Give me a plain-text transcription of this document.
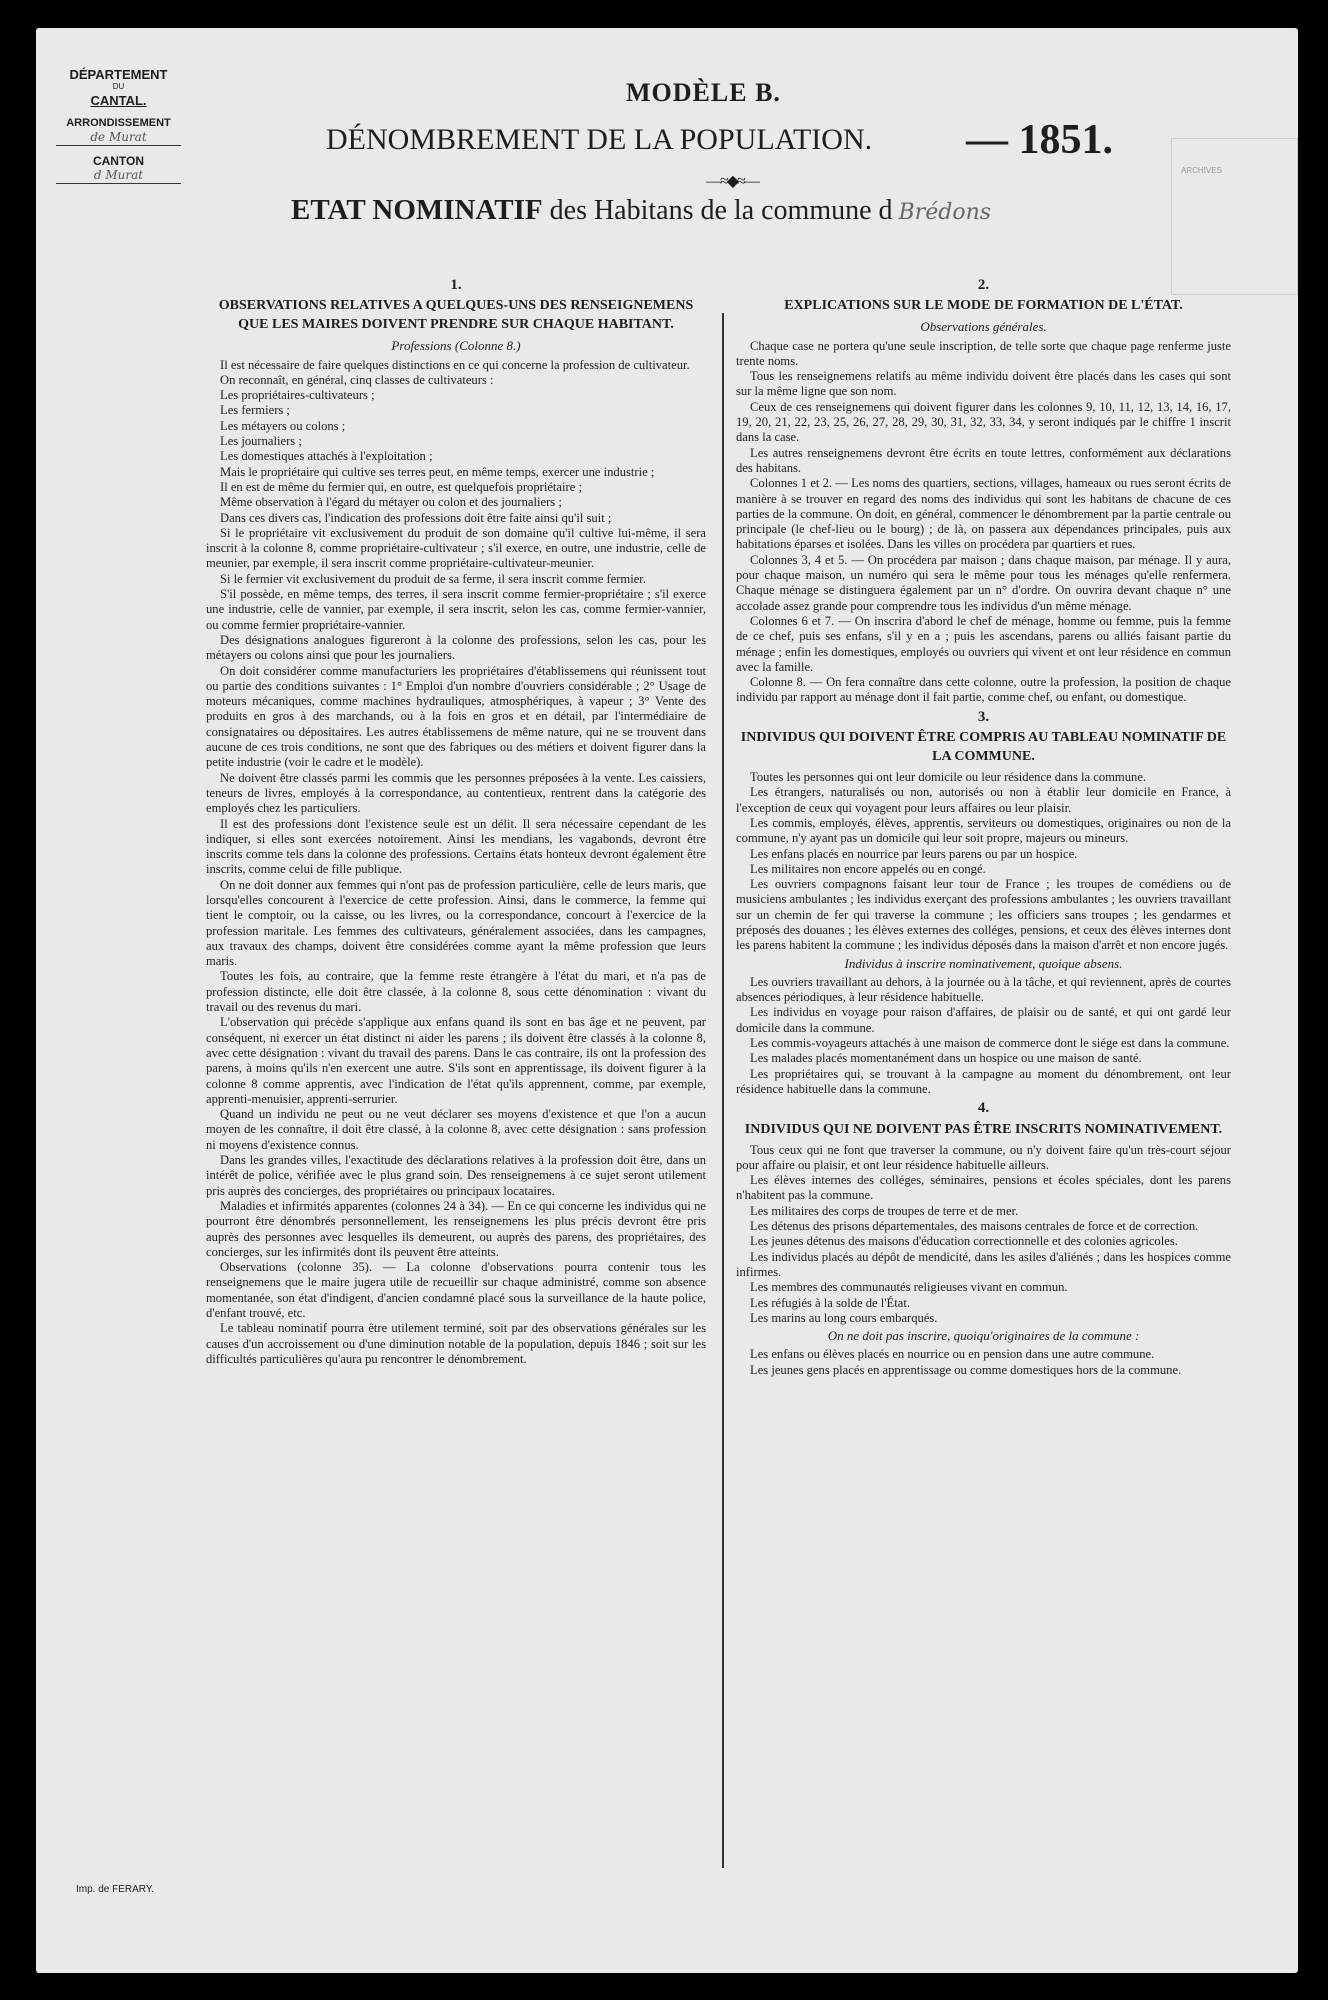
DÉPARTEMENT
DU
CANTAL.
ARRONDISSEMENT
de Murat
CANTON
d Murat	ARCHIVES
MODÈLE B.
DÉNOMBREMENT DE LA POPULATION. — 1851.
—≈◆≈—
ETAT NOMINATIF des Habitans de la commune d Brédons
1.
OBSERVATIONS RELATIVES A QUELQUES-UNS DES RENSEIGNEMENS QUE LES MAIRES DOIVENT PRENDRE SUR CHAQUE HABITANT.
Professions (Colonne 8.)

Il est nécessaire de faire quelques distinctions en ce qui concerne la profession de cultivateur.

On reconnaît, en général, cinq classes de cultivateurs :

Les propriétaires-cultivateurs ;

Les fermiers ;

Les métayers ou colons ;

Les journaliers ;

Les domestiques attachés à l'exploitation ;

Mais le propriétaire qui cultive ses terres peut, en même temps, exercer une industrie ;

Il en est de même du fermier qui, en outre, est quelquefois propriétaire ;

Même observation à l'égard du métayer ou colon et des journaliers ;

Dans ces divers cas, l'indication des professions doit être faite ainsi qu'il suit ;

Si le propriétaire vit exclusivement du produit de son domaine qu'il cultive lui-même, il sera inscrit à la colonne 8, comme propriétaire-cultivateur ; s'il exerce, en outre, une industrie, celle de meunier, par exemple, il sera inscrit comme propriétaire-cultivateur-meunier.

Si le fermier vit exclusivement du produit de sa ferme, il sera inscrit comme fermier.

S'il possède, en même temps, des terres, il sera inscrit comme fermier-propriétaire ; s'il exerce une industrie, celle de vannier, par exemple, il sera inscrit, selon les cas, comme fermier-vannier, ou comme fermier propriétaire-vannier.

Des désignations analogues figureront à la colonne des professions, selon les cas, pour les métayers ou colons ainsi que pour les journaliers.

On doit considérer comme manufacturiers les propriétaires d'établissemens qui réunissent tout ou partie des conditions suivantes : 1° Emploi d'un nombre d'ouvriers considérable ; 2° Usage de moteurs mécaniques, comme machines hydrauliques, atmosphériques, à vapeur ; 3° Vente des produits en gros à des marchands, ou à la fois en gros et en détail, par l'intermédiaire de consignataires ou dépositaires. Les autres établissemens de même nature, qui ne se trouvent dans aucune de ces trois conditions, ne sont que des fabriques ou des métiers et doivent figurer dans la petite industrie (voir le cadre et le modèle).

Ne doivent être classés parmi les commis que les personnes préposées à la vente. Les caissiers, teneurs de livres, employés à la correspondance, au contentieux, rentrent dans la catégorie des employés chez les particuliers.

Il est des professions dont l'existence seule est un délit. Il sera nécessaire cependant de les indiquer, si elles sont exercées notoirement. Ainsi les mendians, les vagabonds, devront être inscrits comme tels dans la colonne des professions. Certains états honteux devront également être inscrits, comme celui de fille publique.

On ne doit donner aux femmes qui n'ont pas de profession particulière, celle de leurs maris, que lorsqu'elles concourent à l'exercice de cette profession. Ainsi, dans le commerce, la femme qui tient le comptoir, ou la caisse, ou les livres, ou la correspondance, concourt à l'exercice de la profession maritale. Les femmes des cultivateurs, généralement associées, dans les campagnes, aux travaux des champs, doivent être considérées comme ayant la même profession que leurs maris.

Toutes les fois, au contraire, que la femme reste étrangère à l'état du mari, et n'a pas de profession distincte, elle doit être classée, à la colonne 8, sous cette dénomination : vivant du travail ou des revenus du mari.

L'observation qui précède s'applique aux enfans quand ils sont en bas âge et ne peuvent, par conséquent, ni exercer un état distinct ni aider les parens ; ils doivent être classés à la colonne 8, avec cette désignation : vivant du travail des parens. Dans le cas contraire, ils ont la profession des parens, à moins qu'ils n'en exercent une autre. S'ils sont en apprentissage, ils doivent figurer à la colonne 8 comme apprentis, avec l'indication de l'état qu'ils apprennent, comme, par exemple, apprenti-menuisier, apprenti-serrurier.

Quand un individu ne peut ou ne veut déclarer ses moyens d'existence et que l'on a aucun moyen de les connaître, il doit être classé, à la colonne 8, avec cette désignation : sans profession ni moyens d'existence connus.

Dans les grandes villes, l'exactitude des déclarations relatives à la profession doit être, dans un intérêt de police, vérifiée avec le plus grand soin. Des renseignemens à ce sujet seront utilement pris auprès des concierges, des propriétaires ou principaux locataires.

Maladies et infirmités apparentes (colonnes 24 à 34). — En ce qui concerne les individus qui ne pourront être dénombrés personnellement, les renseignemens les plus précis devront être pris auprès des personnes avec lesquelles ils demeurent, ou auprès des parens, des propriétaires, des concierges, sur les infirmités dont ils peuvent être atteints.

Observations (colonne 35). — La colonne d'observations pourra contenir tous les renseignemens que le maire jugera utile de recueillir sur chaque administré, comme son absence momentanée, son état d'indigent, d'ancien condamné placé sous la surveillance de la haute police, d'enfant trouvé, etc.

Le tableau nominatif pourra être utilement terminé, soit par des observations générales sur les causes d'un accroissement ou d'une diminution notable de la population, depuis 1846 ; soit sur les difficultés particulières qu'aura pu rencontrer le dénombrement.

2.
EXPLICATIONS SUR LE MODE DE FORMATION DE L'ÉTAT.
Observations générales.

Chaque case ne portera qu'une seule inscription, de telle sorte que chaque page renferme juste trente noms.

Tous les renseignemens relatifs au même individu doivent être placés dans les cases qui sont sur la même ligne que son nom.

Ceux de ces renseignemens qui doivent figurer dans les colonnes 9, 10, 11, 12, 13, 14, 16, 17, 19, 20, 21, 22, 23, 25, 26, 27, 28, 29, 30, 31, 32, 33, 34, y seront indiqués par le chiffre 1 inscrit dans la case.

Les autres renseignemens devront être écrits en toute lettres, conformément aux déclarations des habitans.

Colonnes 1 et 2. — Les noms des quartiers, sections, villages, hameaux ou rues seront écrits de manière à se trouver en regard des noms des individus qui sont les habitans de chacune de ces parties de la commune. On doit, en général, commencer le dénombrement par la partie centrale ou principale (le chef-lieu ou le bourg) ; de là, on passera aux dépendances principales, puis aux habitations éparses et isolées. Dans les villes on procédera par quartiers et rues.

Colonnes 3, 4 et 5. — On procédera par maison ; dans chaque maison, par ménage. Il y aura, pour chaque maison, un numéro qui sera le même pour tous les ménages qu'elle renfermera. Chaque ménage se distinguera également par un n° d'ordre. On ouvrira devant chaque n° une accolade assez grande pour comprendre tous les individus d'un même ménage.

Colonnes 6 et 7. — On inscrira d'abord le chef de ménage, homme ou femme, puis la femme de ce chef, puis ses enfans, s'il y en a ; puis les ascendans, parens ou alliés faisant partie du ménage ; enfin les domestiques, employés ou ouvriers qui vivent et ont leur résidence en commun avec la famille.

Colonne 8. — On fera connaître dans cette colonne, outre la profession, la position de chaque individu par rapport au ménage dont il fait partie, comme chef, ou enfant, ou domestique.

3.
INDIVIDUS QUI DOIVENT ÊTRE COMPRIS AU TABLEAU NOMINATIF DE LA COMMUNE.

Toutes les personnes qui ont leur domicile ou leur résidence dans la commune.

Les étrangers, naturalisés ou non, autorisés ou non à établir leur domicile en France, à l'exception de ceux qui voyagent pour leurs affaires ou leur plaisir.

Les commis, employés, élèves, apprentis, serviteurs ou domestiques, originaires ou non de la commune, n'y ayant pas un domicile qui leur soit propre, majeurs ou mineurs.

Les enfans placés en nourrice par leurs parens ou par un hospice.

Les militaires non encore appelés ou en congé.

Les ouvriers compagnons faisant leur tour de France ; les troupes de comédiens ou de musiciens ambulantes ; les individus exerçant des professions ambulantes ; les ouvriers travaillant sur un chemin de fer qui traverse la commune ; les officiers sans troupes ; les gendarmes et préposés des douanes ; les élèves externes des colléges, pensions, et ceux des élèves internes dont les parens habitent la commune ; les individus déposés dans la maison d'arrêt et non encore jugés.

Individus à inscrire nominativement, quoique absens.

Les ouvriers travaillant au dehors, à la journée ou à la tâche, et qui reviennent, après de courtes absences périodiques, à leur résidence habituelle.

Les individus en voyage pour raison d'affaires, de plaisir ou de santé, et qui ont gardé leur domicile dans la commune.

Les commis-voyageurs attachés à une maison de commerce dont le siége est dans la commune.

Les malades placés momentanément dans un hospice ou une maison de santé.

Les propriétaires qui, se trouvant à la campagne au moment du dénombrement, ont leur résidence habituelle dans la commune.

4.
INDIVIDUS QUI NE DOIVENT PAS ÊTRE INSCRITS NOMINATIVEMENT.

Tous ceux qui ne font que traverser la commune, ou n'y doivent faire qu'un très-court séjour pour affaire ou plaisir, et ont leur résidence habituelle ailleurs.

Les élèves internes des colléges, séminaires, pensions et écoles spéciales, dont les parens n'habitent pas la commune.

Les militaires des corps de troupes de terre et de mer.

Les détenus des prisons départementales, des maisons centrales de force et de correction.

Les jeunes détenus des maisons d'éducation correctionnelle et des colonies agricoles.

Les individus placés au dépôt de mendicité, dans les asiles d'aliénés ; dans les hospices comme infirmes.

Les membres des communautés religieuses vivant en commun.

Les réfugiés à la solde de l'État.

Les marins au long cours embarqués.

On ne doit pas inscrire, quoiqu'originaires de la commune :

Les enfans ou élèves placés en nourrice ou en pension dans une autre commune.

Les jeunes gens placés en apprentissage ou comme domestiques hors de la commune.

Imp. de FERARY.
